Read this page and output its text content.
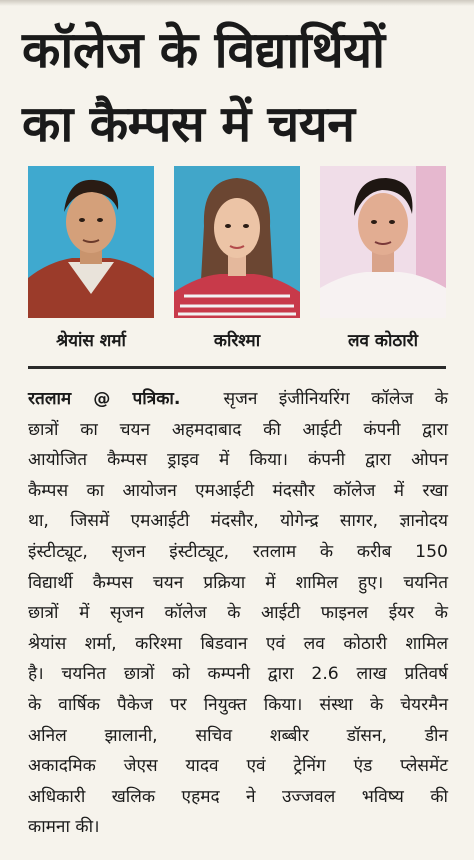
कॉलेज के विद्यार्थियों
का कैम्पस में चयन
श्रेयांस शर्मा	करिश्मा	लव कोठारी
रतलाम @ पत्रिका.	सृजन इंजीनियरिंग कॉलेज के
छात्रों का चयन अहमदाबाद की आईटी कंपनी द्वारा
आयोजित कैम्पस ड्राइव में किया। कंपनी द्वारा ओपन
कैम्पस का आयोजन एमआईटी मंदसौर कॉलेज में रखा
था, जिसमें एमआईटी मंदसौर, योगेन्द्र सागर, ज्ञानोदय
इंस्टीट्यूट, सृजन इंस्टीट्यूट, रतलाम के करीब 150
विद्यार्थी कैम्पस चयन प्रक्रिया में शामिल हुए। चयनित
छात्रों में सृजन कॉलेज के आईटी फाइनल ईयर के
श्रेयांस शर्मा, करिश्मा बिडवान एवं लव कोठारी शामिल
है। चयनित छात्रों को कम्पनी द्वारा 2.6 लाख प्रतिवर्ष
के वार्षिक पैकेज पर नियुक्त किया। संस्था के चेयरमैन
अनिल झालानी, सचिव शब्बीर डॉसन, डीन
अकादमिक जेएस यादव एवं ट्रेनिंग एंड प्लेसमेंट
अधिकारी खलिक एहमद ने उज्जवल भविष्य की
कामना की।
